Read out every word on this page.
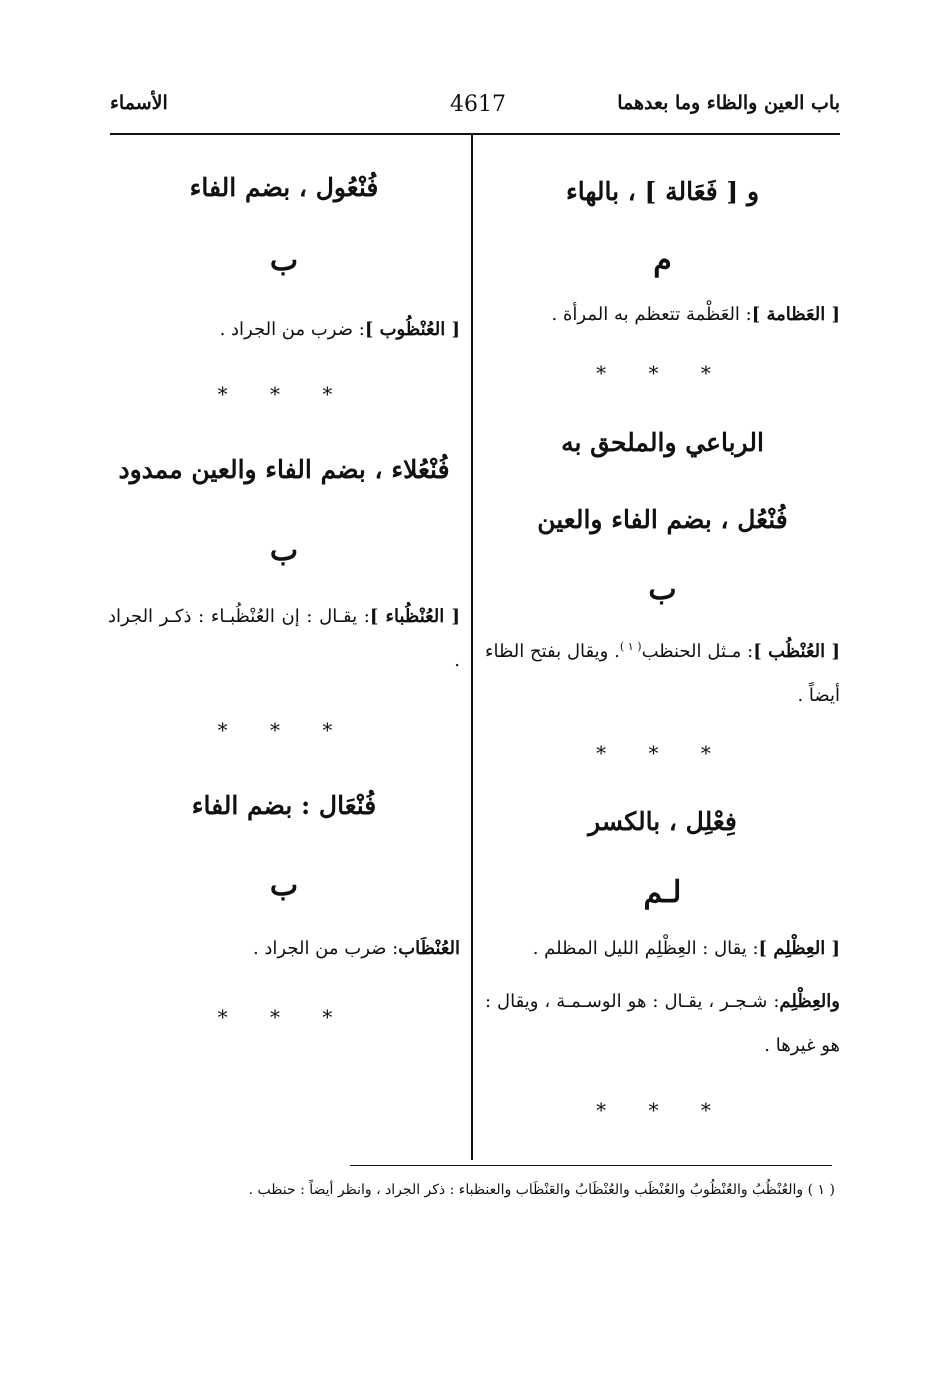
باب العين والظاء وما بعدهما
4617
الأسماء
و [ فَعَالة ] ، بالهاء
م
[ العَظامة ]: العَظْمة تتعظم به المرأة .
* * *
الرباعي والملحق به
فُنْعُل ، بضم الفاء والعين
ب
[ العُنْظُب ]: مـثل الحنظب$^{( ١ )}$. ويقال بفتح الظاء أيضاً .
* * *
فِعْلِل ، بالكسر
لـم
[ العِظْلِم ]: يقال : العِظْلِم الليل المظلم .
والعِظْلِم: شـجـر ، يقـال : هو الوسـمـة ، ويقال : هو غيرها .
* * *
فُنْعُول ، بضم الفاء
ب
[ العُنْظُوب ]: ضرب من الجراد .
* * *
فُنْعُلاء ، بضم الفاء والعين ممدود
ب
[ العُنْظُباء ]: يقـال : إن العُنْظُبـاء : ذكـر الجراد .
* * *
فُنْعَال : بضم الفاء
ب
العُنْظَاب: ضرب من الجراد .
* * *
( ١ ) والعُنْظُبُ والعُنْظُوبُ والعُنْظَب والعُنْظَابُ والعَنْظَاب والعنظباء : ذكر الجراد ، وانظر أيضاً : حنظب .
